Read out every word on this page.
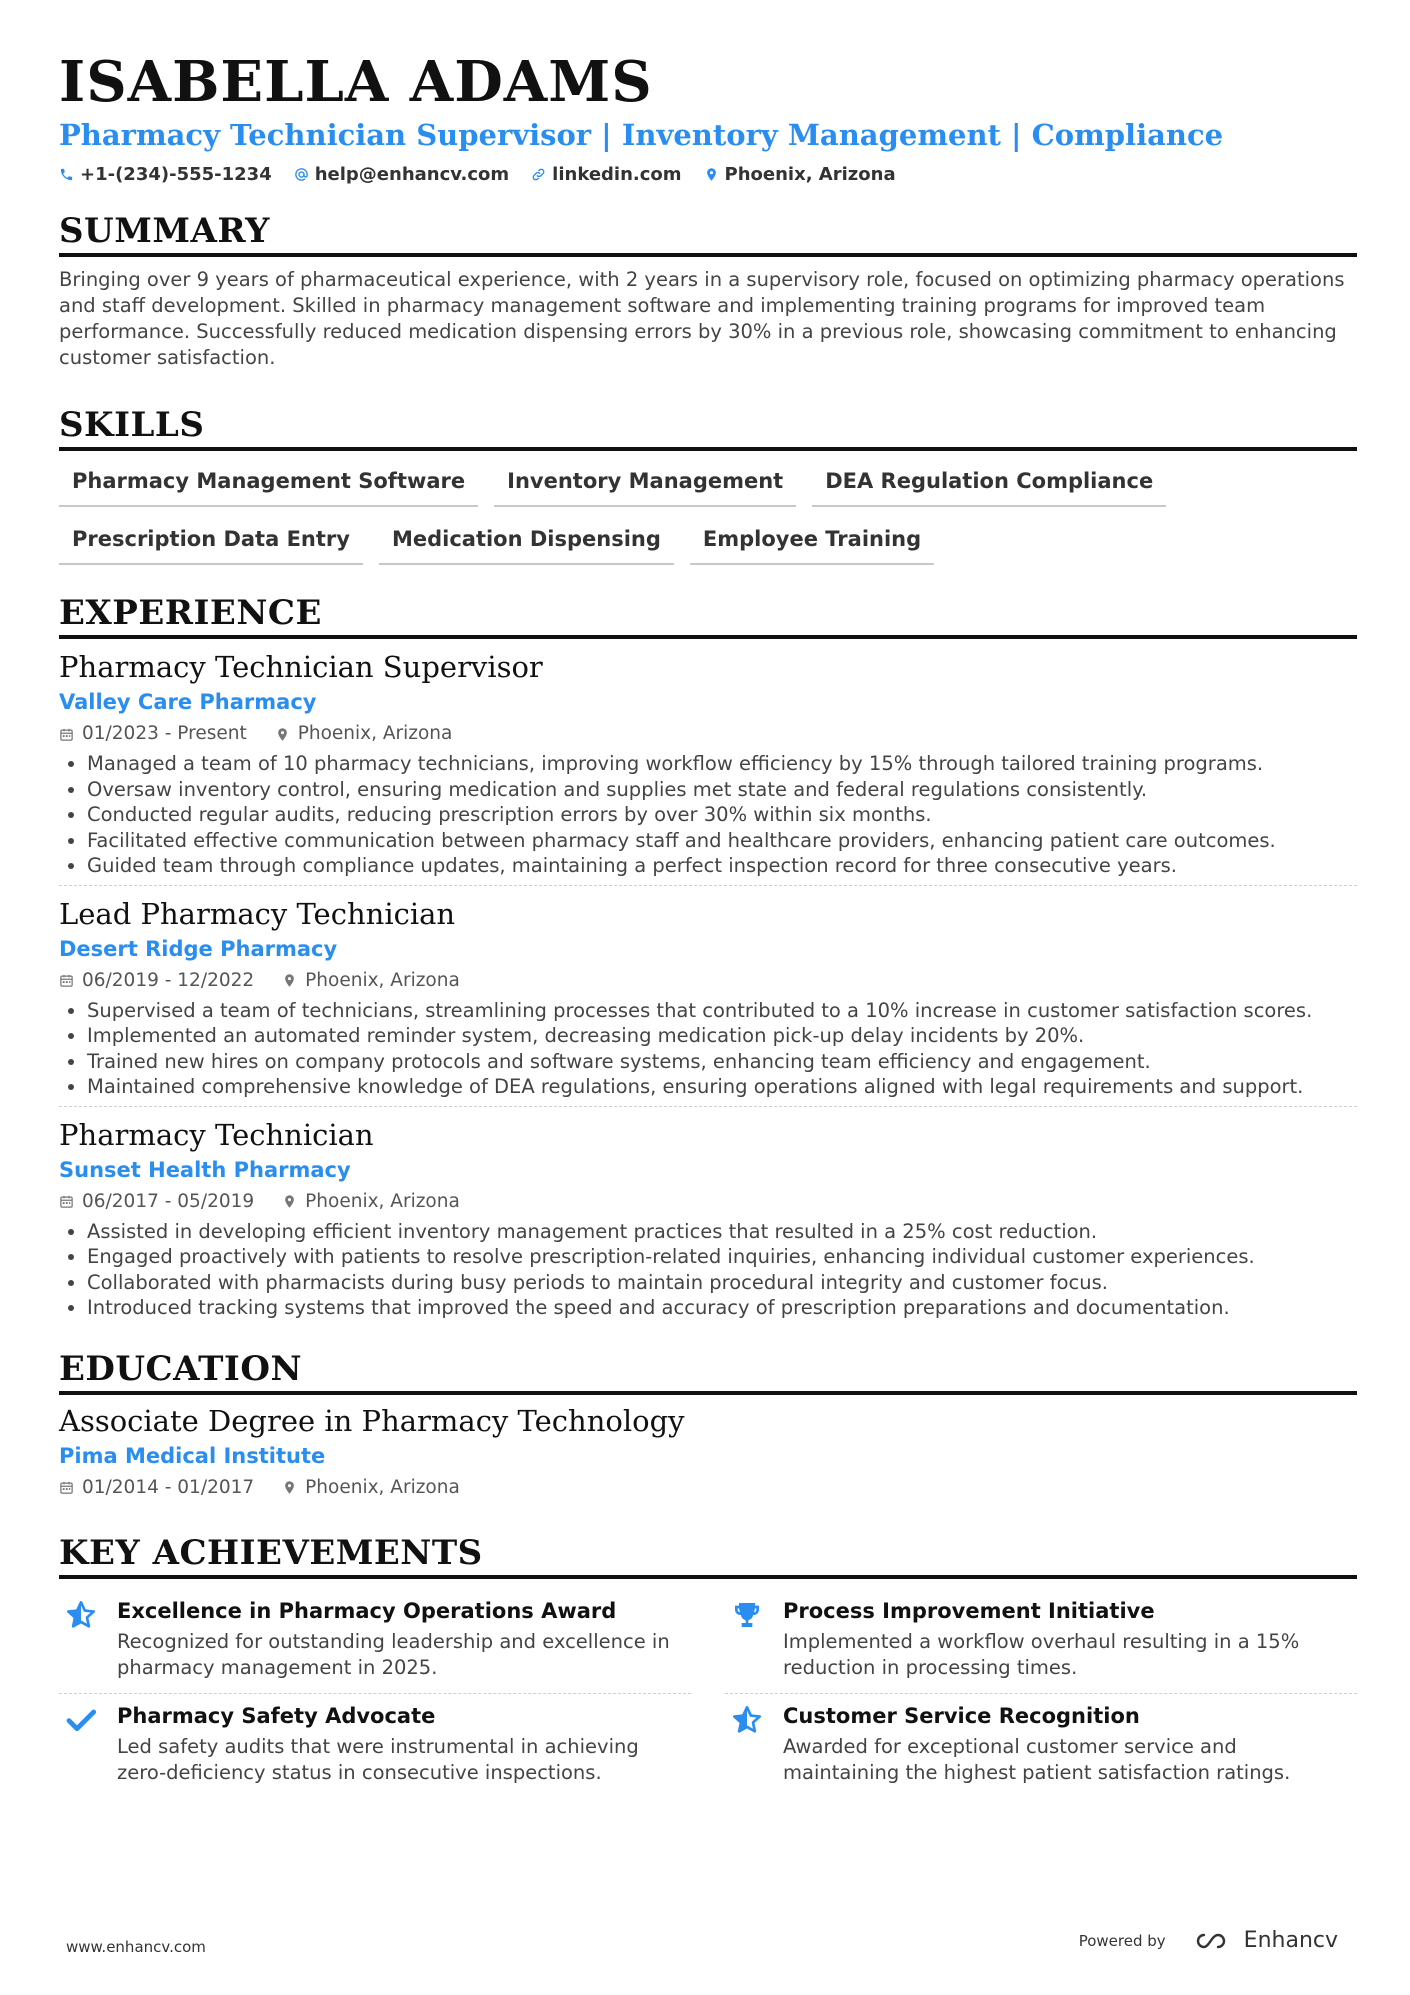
ISABELLA ADAMS
Pharmacy Technician Supervisor | Inventory Management | Compliance
+1-(234)-555-1234 help@enhancv.com linkedin.com Phoenix, Arizona
SUMMARY
Bringing over 9 years of pharmaceutical experience, with 2 years in a supervisory role, focused on optimizing pharmacy operations and staff development. Skilled in pharmacy management software and implementing training programs for improved team performance. Successfully reduced medication dispensing errors by 30% in a previous role, showcasing commitment to enhancing customer satisfaction.
SKILLS
Pharmacy Management Software	Inventory Management	DEA Regulation Compliance
Prescription Data Entry	Medication Dispensing	Employee Training
EXPERIENCE
Pharmacy Technician Supervisor
Valley Care Pharmacy
01/2023 - Present	Phoenix, Arizona
• Managed a team of 10 pharmacy technicians, improving workflow efficiency by 15% through tailored training programs.
• Oversaw inventory control, ensuring medication and supplies met state and federal regulations consistently.
• Conducted regular audits, reducing prescription errors by over 30% within six months.
• Facilitated effective communication between pharmacy staff and healthcare providers, enhancing patient care outcomes.
• Guided team through compliance updates, maintaining a perfect inspection record for three consecutive years.
Lead Pharmacy Technician
Desert Ridge Pharmacy
06/2019 - 12/2022	Phoenix, Arizona
• Supervised a team of technicians, streamlining processes that contributed to a 10% increase in customer satisfaction scores.
• Implemented an automated reminder system, decreasing medication pick-up delay incidents by 20%.
• Trained new hires on company protocols and software systems, enhancing team efficiency and engagement.
• Maintained comprehensive knowledge of DEA regulations, ensuring operations aligned with legal requirements and support.
Pharmacy Technician
Sunset Health Pharmacy
06/2017 - 05/2019	Phoenix, Arizona
• Assisted in developing efficient inventory management practices that resulted in a 25% cost reduction.
• Engaged proactively with patients to resolve prescription-related inquiries, enhancing individual customer experiences.
• Collaborated with pharmacists during busy periods to maintain procedural integrity and customer focus.
• Introduced tracking systems that improved the speed and accuracy of prescription preparations and documentation.
EDUCATION
Associate Degree in Pharmacy Technology
Pima Medical Institute
01/2014 - 01/2017	Phoenix, Arizona
KEY ACHIEVEMENTS
Excellence in Pharmacy Operations Award
Recognized for outstanding leadership and excellence in pharmacy management in 2025.
Process Improvement Initiative
Implemented a workflow overhaul resulting in a 15% reduction in processing times.
Pharmacy Safety Advocate
Led safety audits that were instrumental in achieving zero-deficiency status in consecutive inspections.
Customer Service Recognition
Awarded for exceptional customer service and maintaining the highest patient satisfaction ratings.
www.enhancv.com	Powered by	Enhancv
